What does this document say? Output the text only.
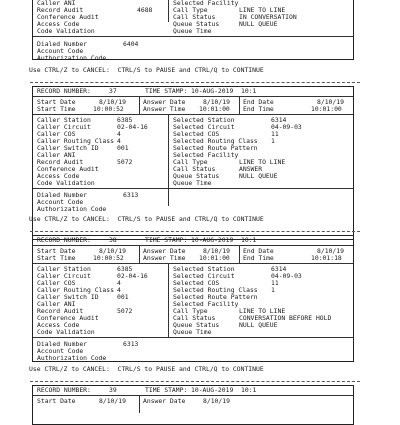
Caller ANI
Record Audit	4688
Conference Audit
Access Code
Code Validation
Selected Facility
Call Type	LINE TO LINE
Call Status	IN CONVERSATION
Queue Status	NULL QUEUE
Queue Time
Dialed Number	6404
Account Code
Authorization Code
Use CTRL/Z to CANCEL:  CTRL/S to PAUSE and CTRL/Q to CONTINUE
RECORD NUMBER:	37	TIME STAMP: 10-AUG-2019  10:1
Start Date	8/10/19
Start Time	10:00:52
Answer Date	8/10/19
Answer Time 10:01:00
End Date	8/10/19
End Time	10:01:00
Caller Station	6385
Caller Circuit	02-04-16
Caller COS	4
Caller Routing Class 4
Caller Switch ID	001
Caller ANI
Record Audit	5072
Conference Audit
Access Code
Code Validation
Selected Station	6314
Selected Circuit	04-09-03
Selected COS	11
Selected Routing Class 1
Selected Route Pattern
Selected Facility
Call Type	LINE TO LINE
Call Status	ANSWER
Queue Status	NULL QUEUE
Queue Time
Dialed Number	6313
Account Code
Authorization Code
Use CTRL/Z to CANCEL:  CTRL/S to PAUSE and CTRL/Q to CONTINUE
RECORD NUMBER:	38	TIME STAMP: 10-AUG-2019  10:1
Start Date	8/10/19
Start Time	10:00:52
Answer Date	8/10/19
Answer Time 10:01:00
End Date	8/10/19
End Time	10:01:18
Caller Station	6385
Caller Circuit	02-04-16
Caller COS	4
Caller Routing Class 4
Caller Switch ID	001
Caller ANI
Record Audit	5072
Conference Audit
Access Code
Code Validation
Selected Station	6314
Selected Circuit	04-09-03
Selected COS	11
Selected Routing Class 1
Selected Route Pattern
Selected Facility
Call Type	LINE TO LINE
Call Status	CONVERSATION BEFORE HOLD
Queue Status	NULL QUEUE
Queue Time
Dialed Number	6313
Account Code
Authorization Code
Use CTRL/Z to CANCEL:  CTRL/S to PAUSE and CTRL/Q to CONTINUE
RECORD NUMBER:	39	TIME STAMP: 10-AUG-2019  10:1
Start Date	8/10/19	Answer Date	8/10/19
